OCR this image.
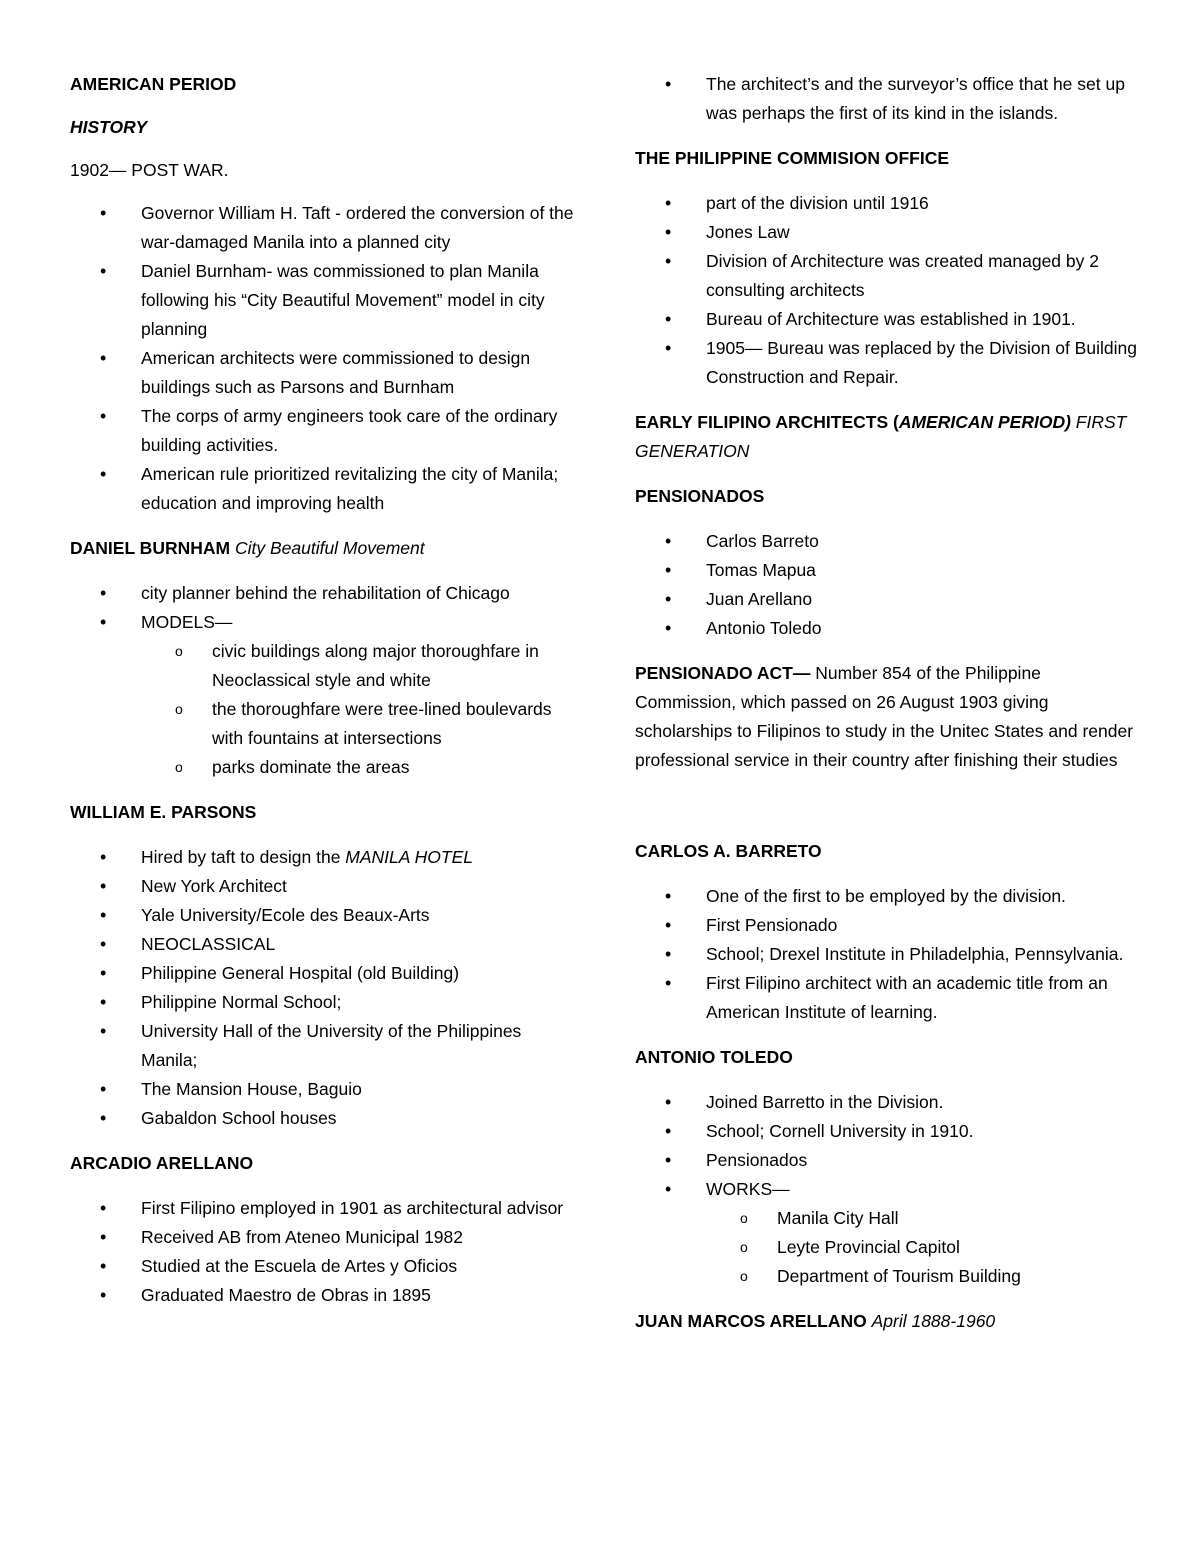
AMERICAN PERIOD

HISTORY

1902— POST WAR.

• Governor William H. Taft - ordered the conversion of the war-damaged Manila into a planned city
• Daniel Burnham- was commissioned to plan Manila following his “City Beautiful Movement” model in city planning
• American architects were commissioned to design buildings such as Parsons and Burnham
• The corps of army engineers took care of the ordinary building activities.
• American rule prioritized revitalizing the city of Manila; education and improving health

DANIEL BURNHAM City Beautiful Movement

• city planner behind the rehabilitation of Chicago
• MODELS—
o civic buildings along major thoroughfare in Neoclassical style and white
o the thoroughfare were tree-lined boulevards with fountains at intersections
o parks dominate the areas

WILLIAM E. PARSONS

• Hired by taft to design the MANILA HOTEL
• New York Architect
• Yale University/Ecole des Beaux-Arts
• NEOCLASSICAL
• Philippine General Hospital (old Building)
• Philippine Normal School;
• University Hall of the University of the Philippines Manila;
• The Mansion House, Baguio
• Gabaldon School houses

ARCADIO ARELLANO

• First Filipino employed in 1901 as architectural advisor
• Received AB from Ateneo Municipal 1982
• Studied at the Escuela de Artes y Oficios
• Graduated Maestro de Obras in 1895
• The architect’s and the surveyor’s office that he set up was perhaps the first of its kind in the islands.

THE PHILIPPINE COMMISION OFFICE

• part of the division until 1916
• Jones Law
• Division of Architecture was created managed by 2 consulting architects
• Bureau of Architecture was established in 1901.
• 1905— Bureau was replaced by the Division of Building Construction and Repair.

EARLY FILIPINO ARCHITECTS (AMERICAN PERIOD) FIRST GENERATION

PENSIONADOS

• Carlos Barreto
• Tomas Mapua
• Juan Arellano
• Antonio Toledo

PENSIONADO ACT— Number 854 of the Philippine Commission, which passed on 26 August 1903 giving scholarships to Filipinos to study in the Unitec States and render professional service in their country after finishing their studies

CARLOS A. BARRETO

• One of the first to be employed by the division.
• First Pensionado
• School; Drexel Institute in Philadelphia, Pennsylvania.
• First Filipino architect with an academic title from an American Institute of learning.

ANTONIO TOLEDO

• Joined Barretto in the Division.
• School; Cornell University in 1910.
• Pensionados
• WORKS—
o Manila City Hall
o Leyte Provincial Capitol
o Department of Tourism Building

JUAN MARCOS ARELLANO April 1888-1960
